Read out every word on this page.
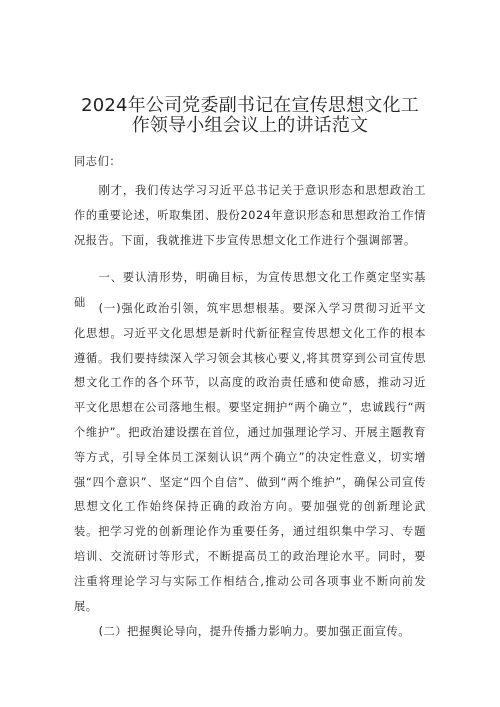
2024年公司党委副书记在宣传思想文化工
作领导小组会议上的讲话范文

同志们：

刚才，我们传达学习习近平总书记关于意识形态和思想政治工作的重要论述，听取集团、股份2024年意识形态和思想政治工作情况报告。下面，我就推进下步宣传思想文化工作进行个强调部署。

一、要认清形势，明确目标，为宣传思想文化工作奠定坚实基础	(一)强化政治引领，筑牢思想根基。要深入学习贯彻习近平文化思想。习近平文化思想是新时代新征程宣传思想文化工作的根本遵循。我们要持续深入学习领会其核心要义,将其贯穿到公司宣传思想文化工作的各个环节，以高度的政治责任感和使命感，推动习近平文化思想在公司落地生根。要坚定拥护“两个确立”，忠诚践行“两个维护”。把政治建设摆在首位，通过加强理论学习、开展主题教育等方式，引导全体员工深刻认识“两个确立”的决定性意义，切实增强“四个意识”、坚定“四个自信”、做到“两个维护”，确保公司宣传思想文化工作始终保持正确的政治方向。要加强党的创新理论武装。把学习党的创新理论作为重要任务，通过组织集中学习、专题培训、交流研讨等形式，不断提高员工的政治理论水平。同时，要注重将理论学习与实际工作相结合,推动公司各项事业不断向前发展。

(二）把握舆论导向，提升传播力影响力。要加强正面宣传。
